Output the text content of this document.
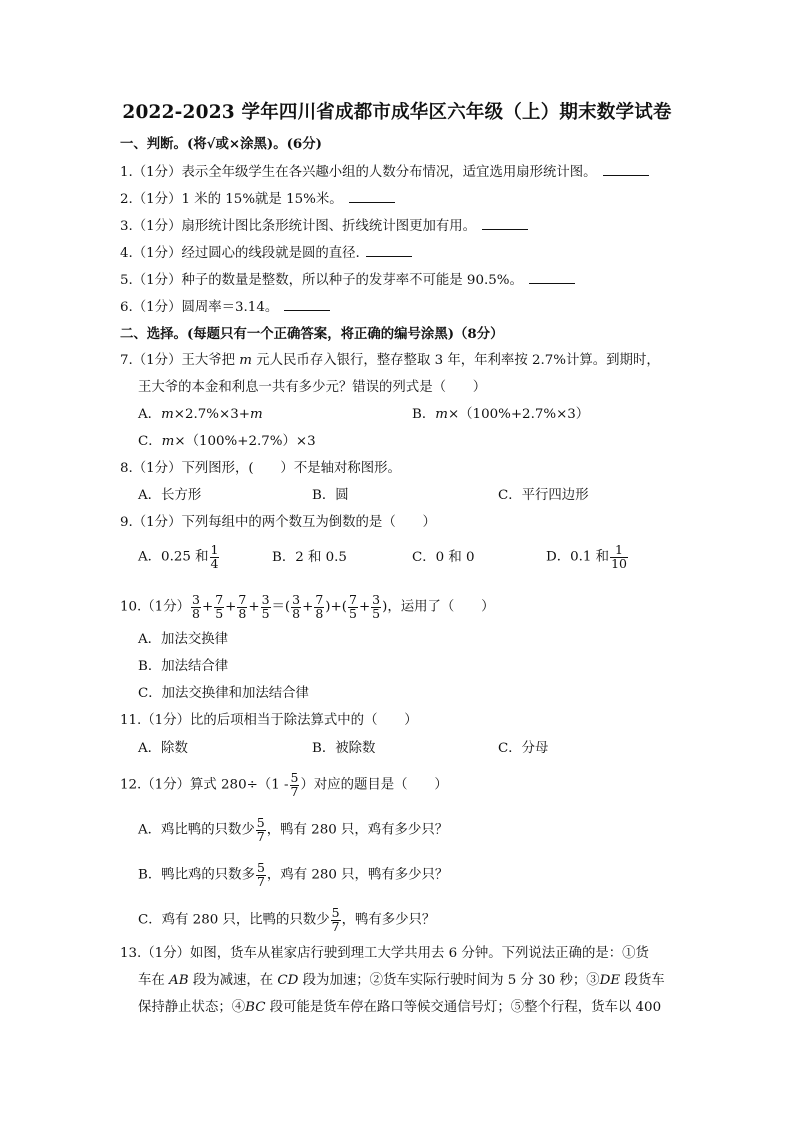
2022-2023 学年四川省成都市成华区六年级（上）期末数学试卷
一、判断。(将√或×涂黑)。(6分)
1.（1分）表示全年级学生在各兴趣小组的人数分布情况，适宜选用扇形统计图。
2.（1分）1 米的 15%就是 15%米。
3.（1分）扇形统计图比条形统计图、折线统计图更加有用。
4.（1分）经过圆心的线段就是圆的直径.
5.（1分）种子的数量是整数，所以种子的发芽率不可能是 90.5%。
6.（1分）圆周率＝3.14。
二、选择。(每题只有一个正确答案，将正确的编号涂黑)（8分）
7.（1分）王大爷把 m 元人民币存入银行，整存整取 3 年，年利率按 2.7%计算。到期时，
王大爷的本金和利息一共有多少元？错误的列式是（　　）
A．m×2.7%×3+m	B．m×（100%+2.7%×3）
C．m×（100%+2.7%）×3
8.（1分）下列图形，(　　）不是轴对称图形。
A．长方形	B．圆	C．平行四边形
9.（1分）下列每组中的两个数互为倒数的是（　　）
A．0.25 和 $\frac{1}{4}$	B．2 和 0.5	C．0 和 0	D．0.1 和 $\frac{1}{10}$
10.（1分） $\frac{3}{8} + \frac{7}{5} + \frac{7}{8} + \frac{3}{5}$ ＝( $\frac{3}{8} + \frac{7}{8}$ )+( $\frac{7}{5} + \frac{3}{5}$ )，运用了（　　）
A．加法交换律
B．加法结合律
C．加法交换律和加法结合律
11.（1分）比的后项相当于除法算式中的（　　）
A．除数	B．被除数	C．分母
12.（1分）算式 $280\div(1 - \frac{5}{7}$ ）对应的题目是（　　）
A．鸡比鸭的只数少 $\frac{5}{7}$ ，鸭有 280 只，鸡有多少只？
B．鸭比鸡的只数多 $\frac{5}{7}$ ，鸡有 280 只，鸭有多少只？
C．鸡有 280 只，比鸭的只数少 $\frac{5}{7}$ ，鸭有多少只？
13.（1分）如图，货车从崔家店行驶到理工大学共用去 6 分钟。下列说法正确的是：①货
车在 AB 段为减速，在 CD 段为加速；②货车实际行驶时间为 5 分 30 秒；③DE 段货车
保持静止状态；④BC 段可能是货车停在路口等候交通信号灯；⑤整个行程，货车以 400
